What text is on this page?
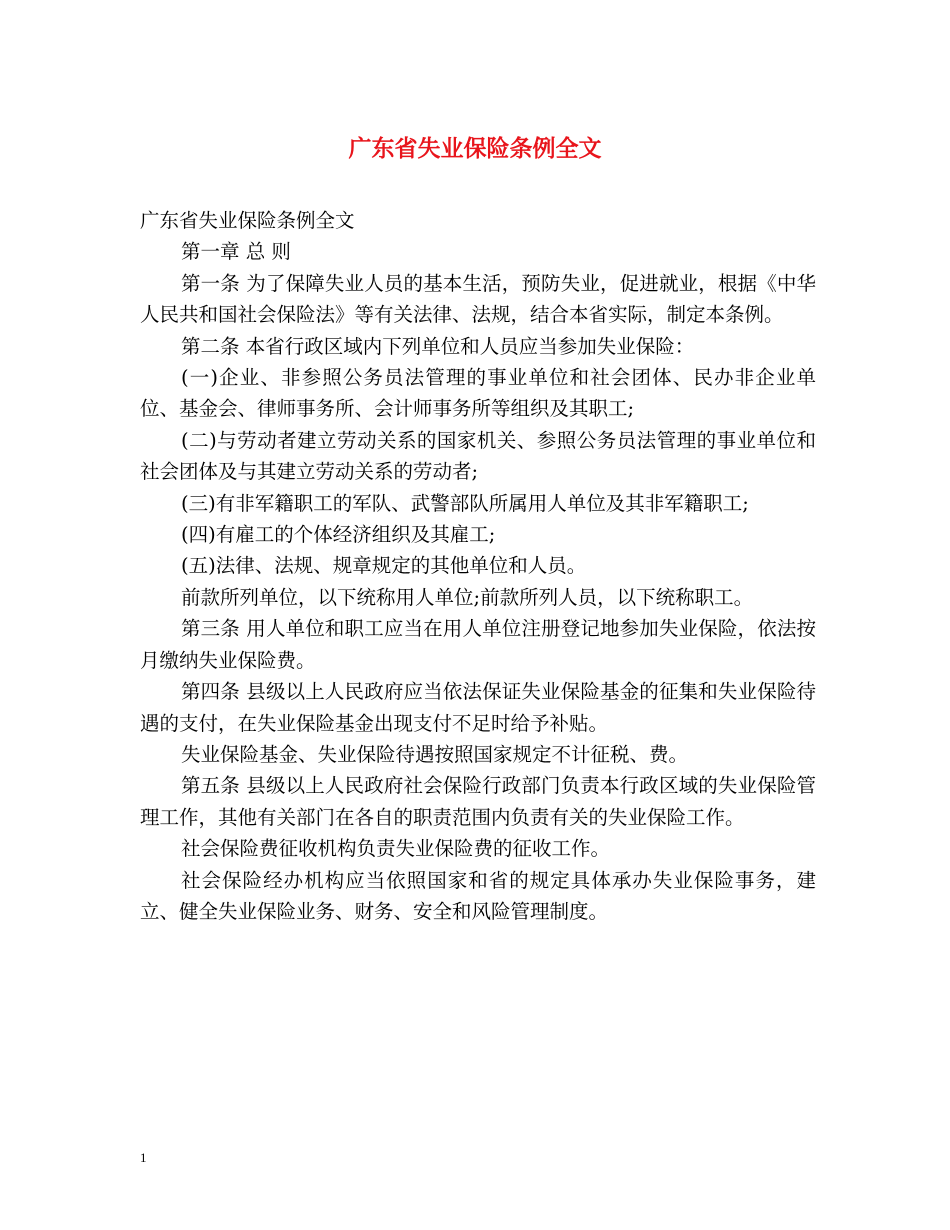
广东省失业保险条例全文

广东省失业保险条例全文

第一章 总 则

第一条 为了保障失业人员的基本生活，预防失业，促进就业，根据《中华人民共和国社会保险法》等有关法律、法规，结合本省实际，制定本条例。

第二条 本省行政区域内下列单位和人员应当参加失业保险：

(一)企业、非参照公务员法管理的事业单位和社会团体、民办非企业单位、基金会、律师事务所、会计师事务所等组织及其职工;

(二)与劳动者建立劳动关系的国家机关、参照公务员法管理的事业单位和社会团体及与其建立劳动关系的劳动者;

(三)有非军籍职工的军队、武警部队所属用人单位及其非军籍职工;

(四)有雇工的个体经济组织及其雇工;

(五)法律、法规、规章规定的其他单位和人员。

前款所列单位，以下统称用人单位;前款所列人员，以下统称职工。

第三条 用人单位和职工应当在用人单位注册登记地参加失业保险，依法按月缴纳失业保险费。

第四条 县级以上人民政府应当依法保证失业保险基金的征集和失业保险待遇的支付，在失业保险基金出现支付不足时给予补贴。

失业保险基金、失业保险待遇按照国家规定不计征税、费。

第五条 县级以上人民政府社会保险行政部门负责本行政区域的失业保险管理工作，其他有关部门在各自的职责范围内负责有关的失业保险工作。

社会保险费征收机构负责失业保险费的征收工作。

社会保险经办机构应当依照国家和省的规定具体承办失业保险事务，建立、健全失业保险业务、财务、安全和风险管理制度。

1
